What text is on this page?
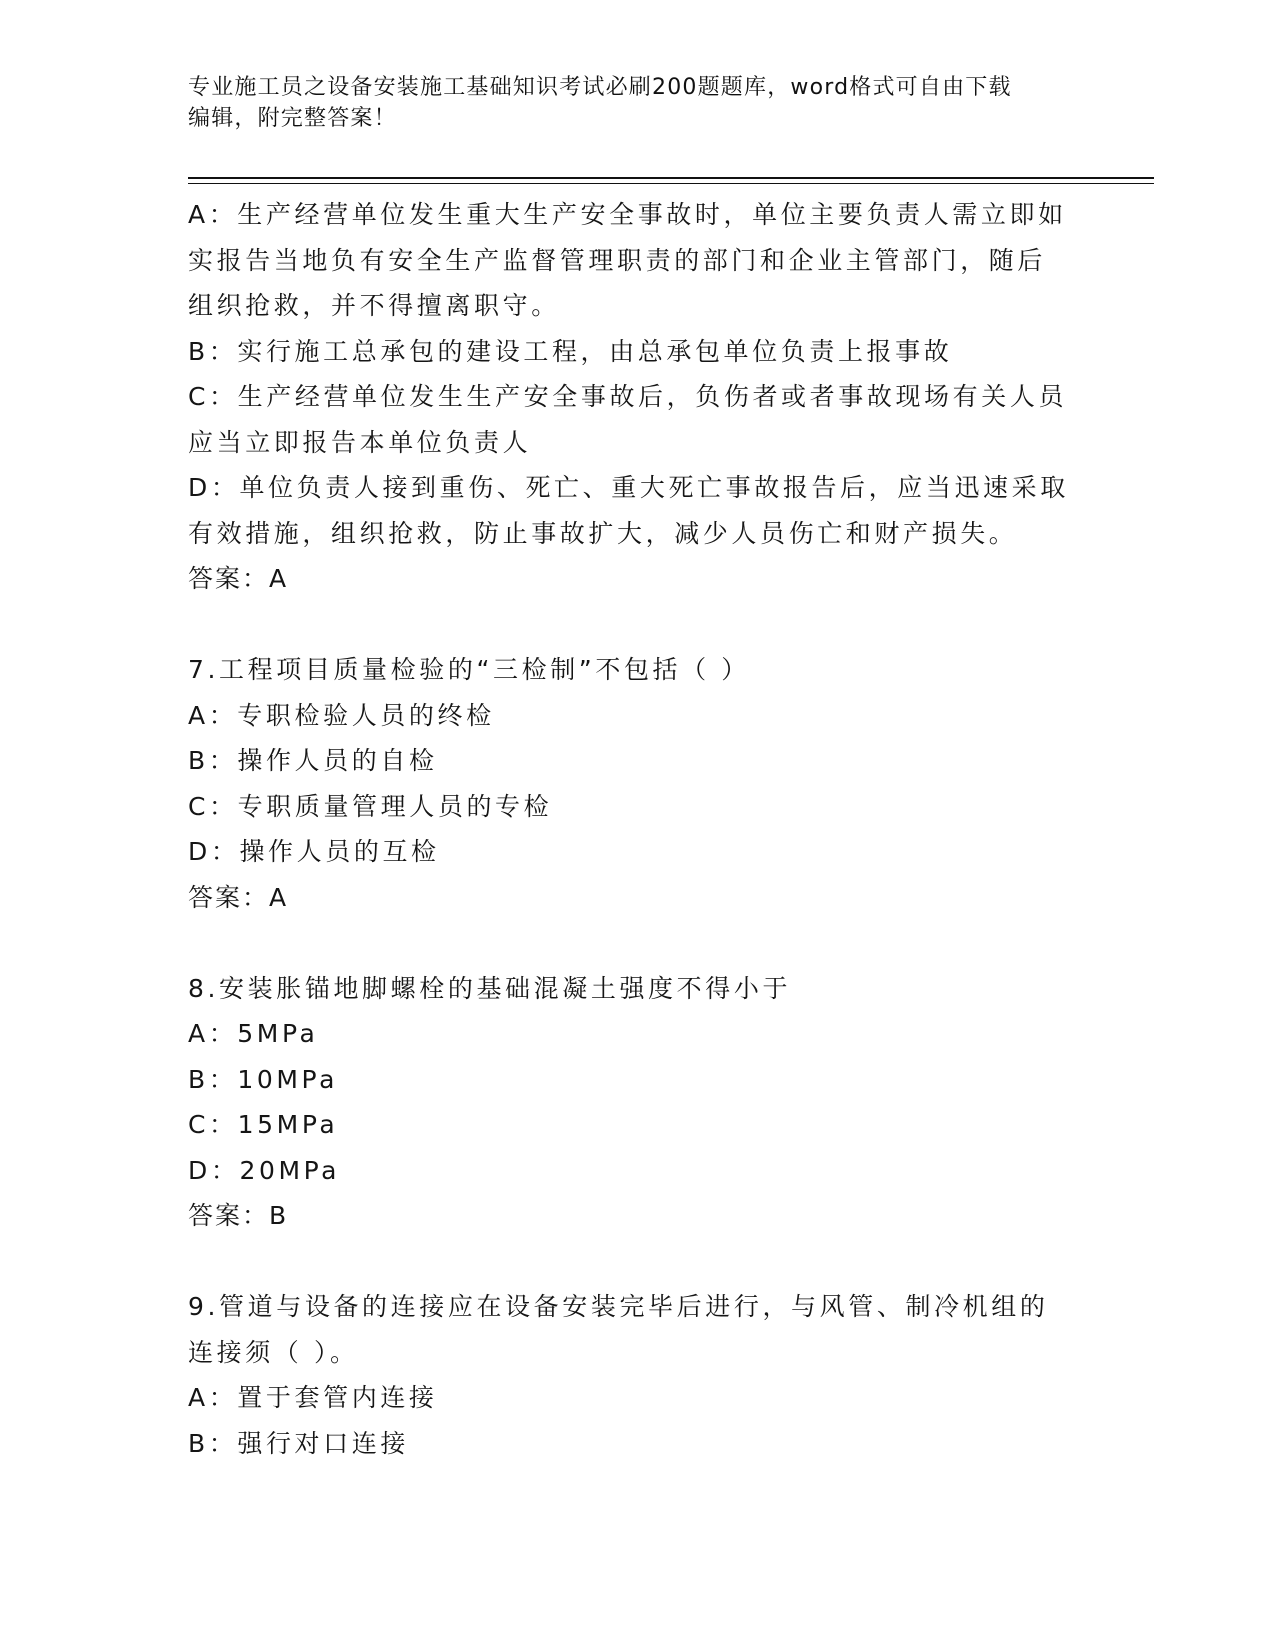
专业施工员之设备安装施工基础知识考试必刷200题题库，word格式可自由下载
编辑，附完整答案！
A：生产经营单位发生重大生产安全事故时，单位主要负责人需立即如
实报告当地负有安全生产监督管理职责的部门和企业主管部门，随后
组织抢救，并不得擅离职守。
B：实行施工总承包的建设工程，由总承包单位负责上报事故
C：生产经营单位发生生产安全事故后，负伤者或者事故现场有关人员
应当立即报告本单位负责人
D：单位负责人接到重伤、死亡、重大死亡事故报告后，应当迅速采取
有效措施，组织抢救，防止事故扩大，减少人员伤亡和财产损失。
答案：A
7.工程项目质量检验的“三检制”不包括（ ）
A：专职检验人员的终检
B：操作人员的自检
C：专职质量管理人员的专检
D：操作人员的互检
答案：A
8.安装胀锚地脚螺栓的基础混凝土强度不得小于
A：5MPa
B：10MPa
C：15MPa
D：20MPa
答案：B
9.管道与设备的连接应在设备安装完毕后进行，与风管、制冷机组的
连接须（ ）。
A：置于套管内连接
B：强行对口连接
